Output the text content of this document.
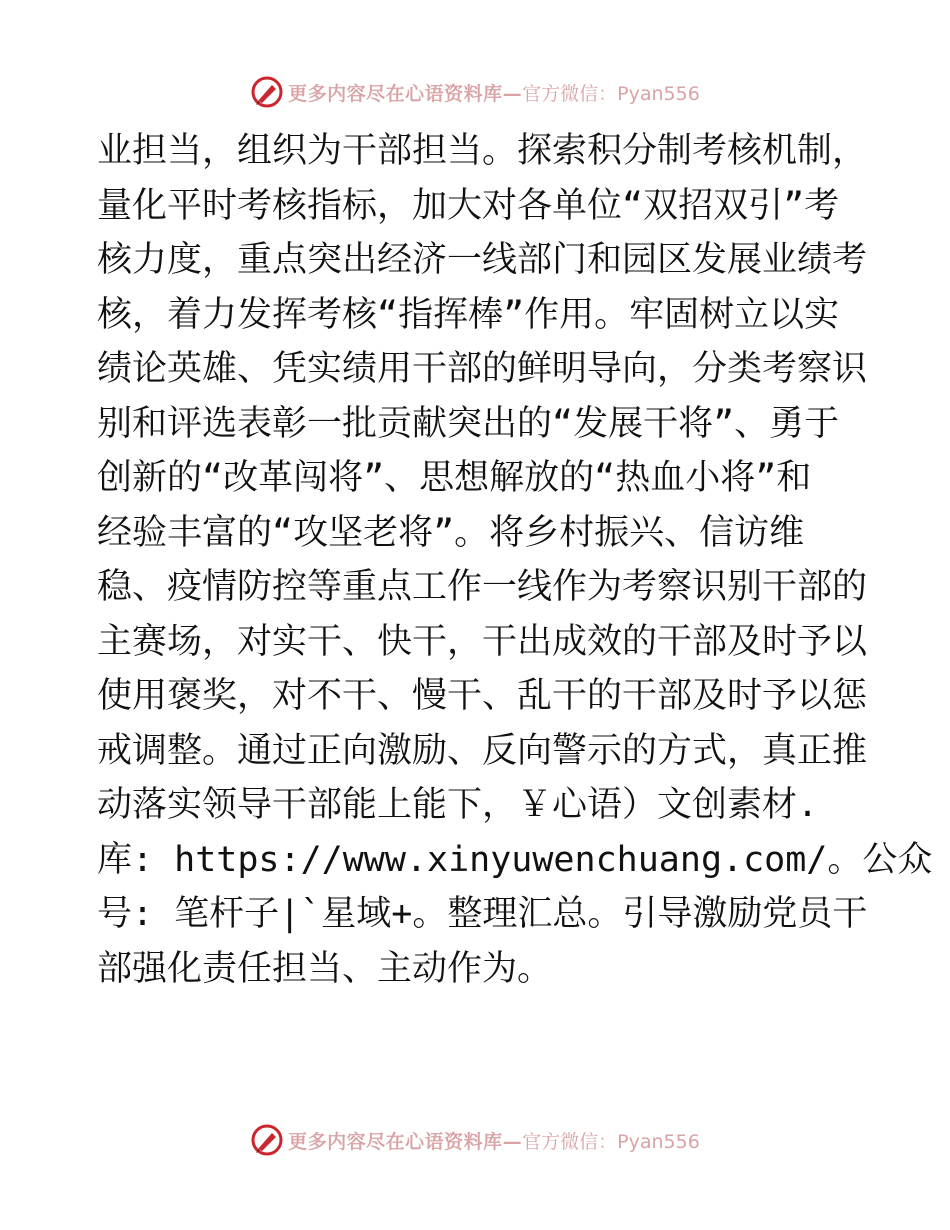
更多内容尽在心语资料库— 官方微信：Pyan556
业担当，组织为干部担当。探索积分制考核机制，
量化平时考核指标，加大对各单位“双招双引”考
核力度，重点突出经济一线部门和园区发展业绩考
核，着力发挥考核“指挥棒”作用。牢固树立以实
绩论英雄、凭实绩用干部的鲜明导向，分类考察识
别和评选表彰一批贡献突出的“发展干将”、勇于
创新的“改革闯将”、思想解放的“热血小将”和
经验丰富的“攻坚老将”。将乡村振兴、信访维
稳、疫情防控等重点工作一线作为考察识别干部的
主赛场，对实干、快干，干出成效的干部及时予以
使用褒奖，对不干、慢干、乱干的干部及时予以惩
戒调整。通过正向激励、反向警示的方式，真正推
动落实领导干部能上能下，￥心语）文创素材.
库: https://www.xinyuwenchuang.com/。公众
号: 笔杆子|`星域+。整理汇总。引导激励党员干
部强化责任担当、主动作为。
更多内容尽在心语资料库— 官方微信：Pyan556
